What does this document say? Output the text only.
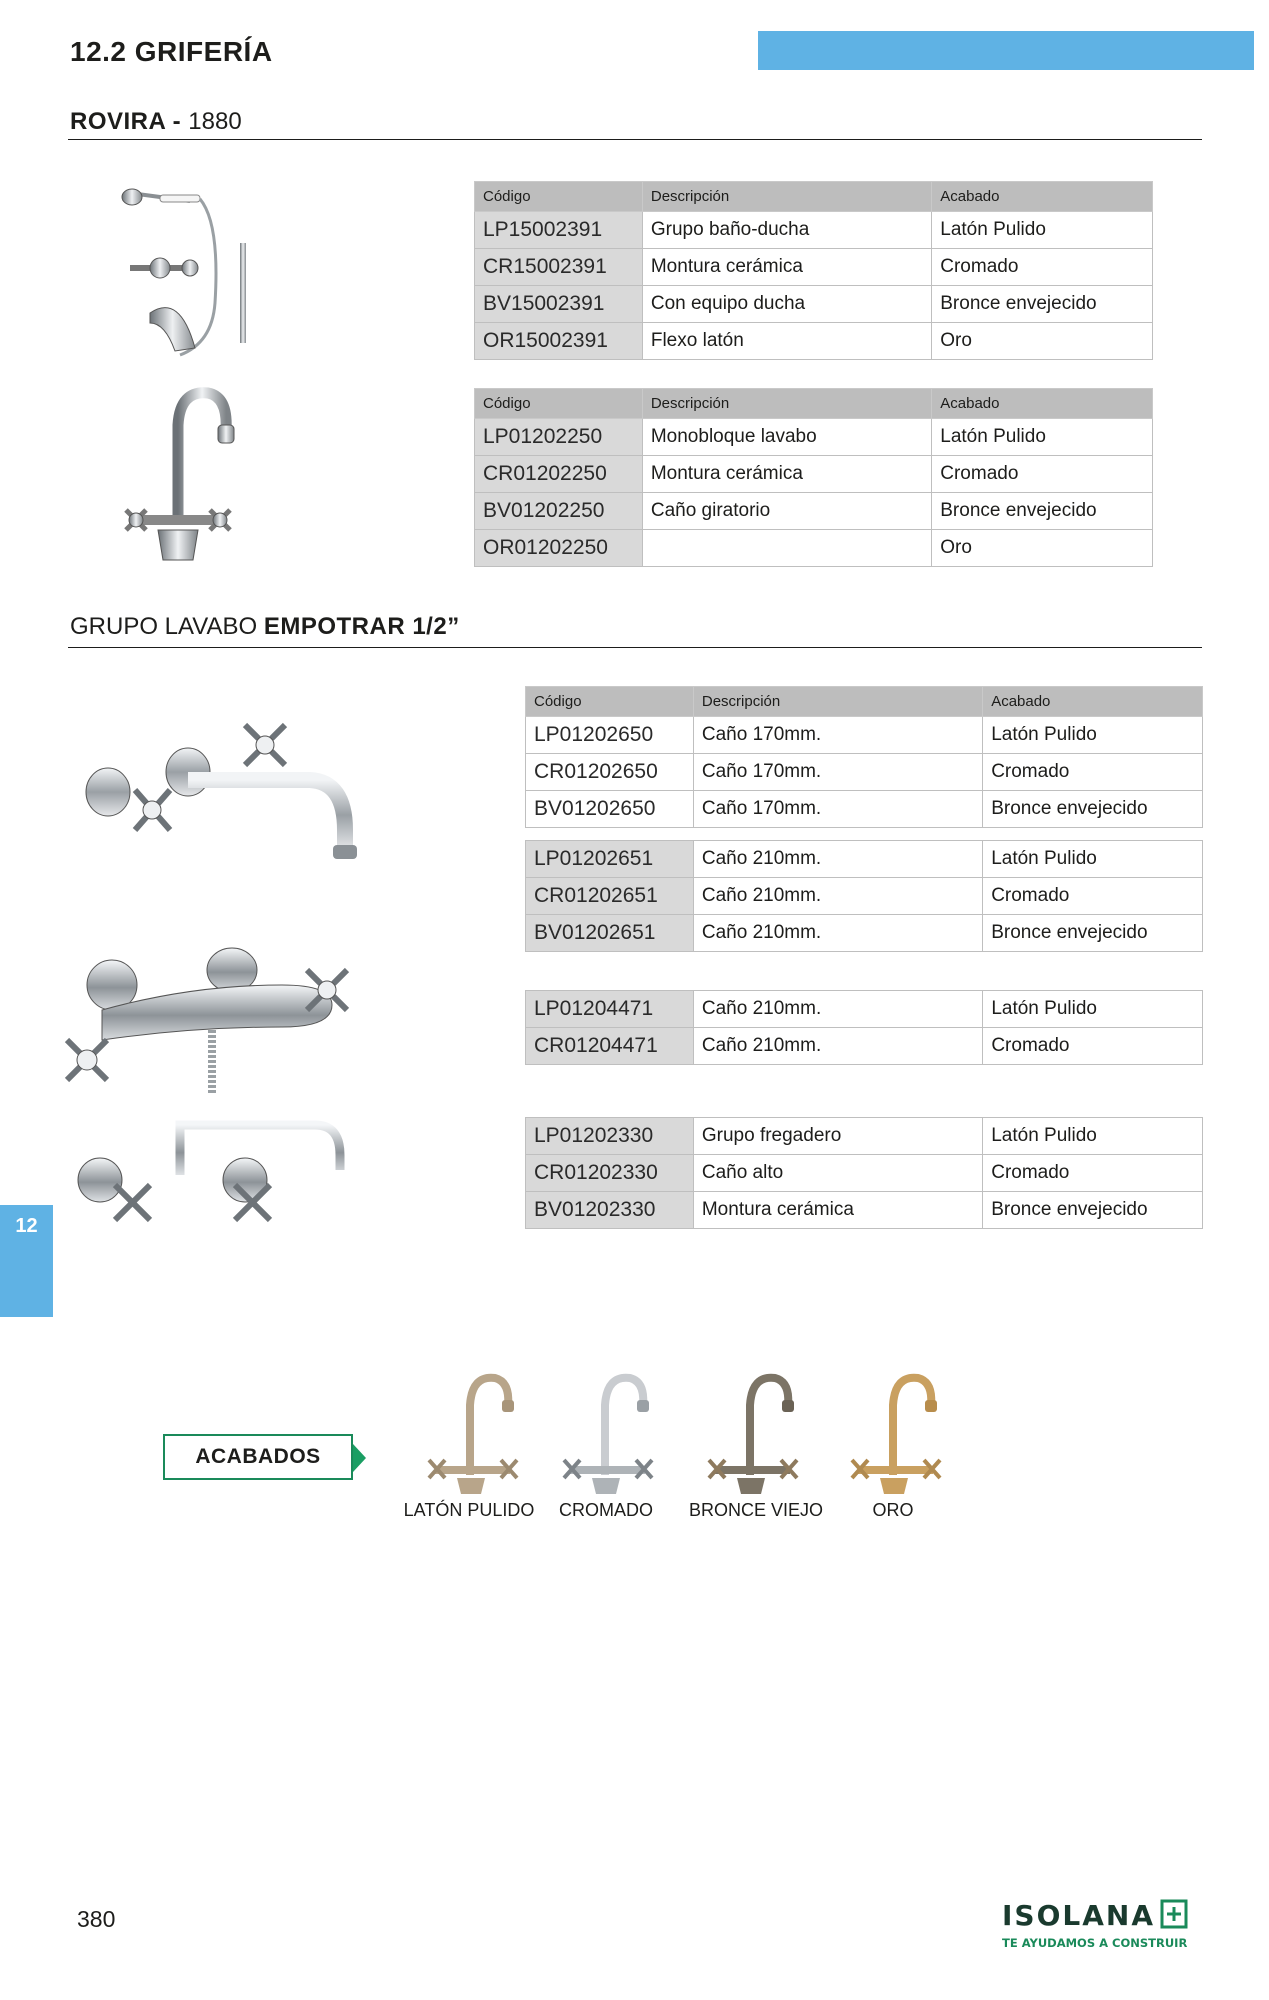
12.2 GRIFERÍA
ROVIRA - 1880
Código	Descripción	Acabado
LP15002391	Grupo baño-ducha	Latón Pulido
CR15002391	Montura cerámica	Cromado
BV15002391	Con equipo ducha	Bronce envejecido
OR15002391	Flexo latón	Oro
Código	Descripción	Acabado
LP01202250	Monobloque lavabo	Latón Pulido
CR01202250	Montura cerámica	Cromado
BV01202250	Caño giratorio	Bronce envejecido
OR01202250		Oro
GRUPO LAVABO EMPOTRAR 1/2”
Código	Descripción	Acabado
LP01202650	Caño 170mm.	Latón Pulido
CR01202650	Caño 170mm.	Cromado
BV01202650	Caño 170mm.	Bronce envejecido
LP01202651	Caño 210mm.	Latón Pulido
CR01202651	Caño 210mm.	Cromado
BV01202651	Caño 210mm.	Bronce envejecido
LP01204471	Caño 210mm.	Latón Pulido
CR01204471	Caño 210mm.	Cromado
LP01202330	Grupo fregadero	Latón Pulido
CR01202330	Caño alto	Cromado
BV01202330	Montura cerámica	Bronce envejecido
12
ACABADOS
LATÓN PULIDO	CROMADO	BRONCE VIEJO	ORO
380	ISOLANA
TE AYUDAMOS A CONSTRUIR
